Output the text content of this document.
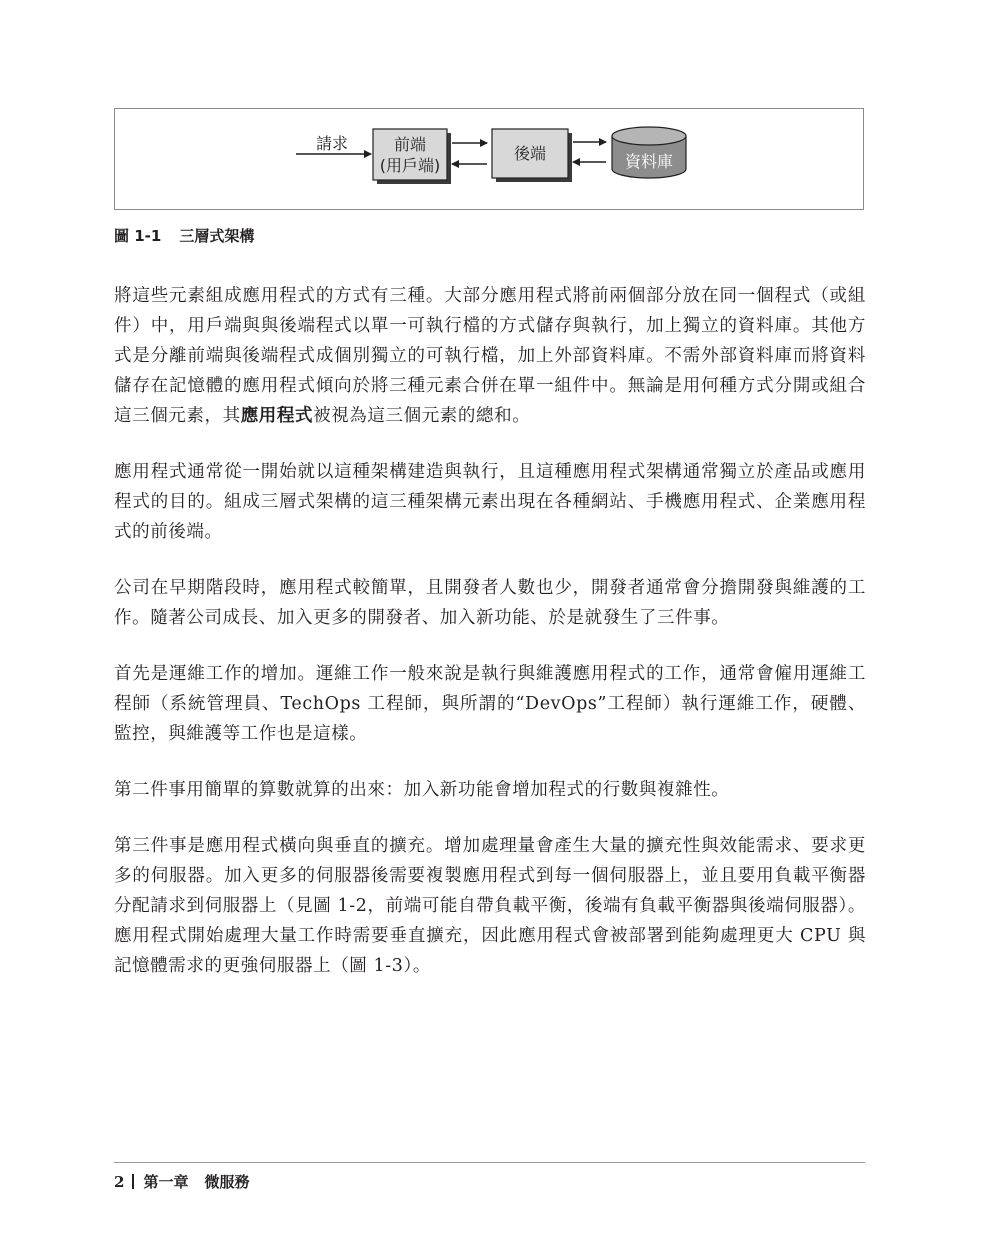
請求	前端
(用戶端)
後端	資料庫
圖 1-1 三層式架構

將這些元素組成應用程式的方式有三種。大部分應用程式將前兩個部分放在同一個程式（或組件）中，用戶端與與後端程式以單一可執行檔的方式儲存與執行，加上獨立的資料庫。其他方式是分離前端與後端程式成個別獨立的可執行檔，加上外部資料庫。不需外部資料庫而將資料儲存在記憶體的應用程式傾向於將三種元素合併在單一組件中。無論是用何種方式分開或組合這三個元素，其應用程式被視為這三個元素的總和。

應用程式通常從一開始就以這種架構建造與執行，且這種應用程式架構通常獨立於產品或應用程式的目的。組成三層式架構的這三種架構元素出現在各種網站、手機應用程式、企業應用程式的前後端。

公司在早期階段時，應用程式較簡單，且開發者人數也少，開發者通常會分擔開發與維護的工作。隨著公司成長、加入更多的開發者、加入新功能、於是就發生了三件事。

首先是運維工作的增加。運維工作一般來說是執行與維護應用程式的工作，通常會僱用運維工程師（系統管理員、TechOps 工程師，與所謂的“DevOps”工程師）執行運維工作，硬體、監控，與維護等工作也是這樣。

第二件事用簡單的算數就算的出來：加入新功能會增加程式的行數與複雜性。

第三件事是應用程式橫向與垂直的擴充。增加處理量會產生大量的擴充性與效能需求、要求更多的伺服器。加入更多的伺服器後需要複製應用程式到每一個伺服器上，並且要用負載平衡器分配請求到伺服器上（見圖 1-2，前端可能自帶負載平衡，後端有負載平衡器與後端伺服器）。應用程式開始處理大量工作時需要垂直擴充，因此應用程式會被部署到能夠處理更大 CPU 與記憶體需求的更強伺服器上（圖 1-3）。

2 第一章 微服務
